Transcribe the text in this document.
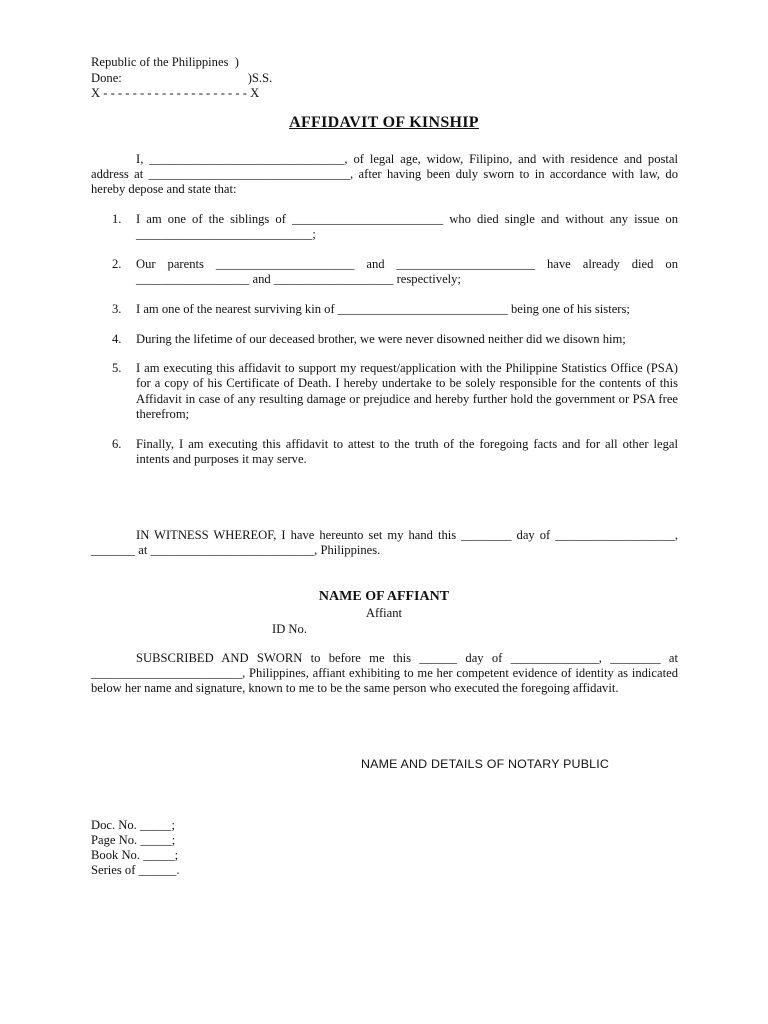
Republic of the Philippines  )
Done:                                        )S.S.
X - - - - - - - - - - - - - - - - - - - - X
AFFIDAVIT OF KINSHIP
I, _______________________________, of legal age, widow, Filipino, and with residence and postal address at ________________________________, after having been duly sworn to in accordance with law, do hereby depose and state that:
1. I am one of the siblings of ________________________ who died single and without any issue on ____________________________;
2. Our parents ______________________ and ______________________ have already died on __________________ and ___________________ respectively;
3. I am one of the nearest surviving kin of ___________________________ being one of his sisters;
4. During the lifetime of our deceased brother, we were never disowned neither did we disown him;
5. I am executing this affidavit to support my request/application with the Philippine Statistics Office (PSA) for a copy of his Certificate of Death. I hereby undertake to be solely responsible for the contents of this Affidavit in case of any resulting damage or prejudice and hereby further hold the government or PSA free therefrom;
6. Finally, I am executing this affidavit to attest to the truth of the foregoing facts and for all other legal intents and purposes it may serve.
IN WITNESS WHEREOF, I have hereunto set my hand this ________ day of ___________________, _______ at __________________________, Philippines.
NAME OF AFFIANT
Affiant
ID No.
SUBSCRIBED AND SWORN to before me this ______ day of ______________, ________ at ________________________, Philippines, affiant exhibiting to me her competent evidence of identity as indicated below her name and signature, known to me to be the same person who executed the foregoing affidavit.
NAME AND DETAILS OF NOTARY PUBLIC
Doc. No. _____;
Page No. _____;
Book No. _____;
Series of ______.
